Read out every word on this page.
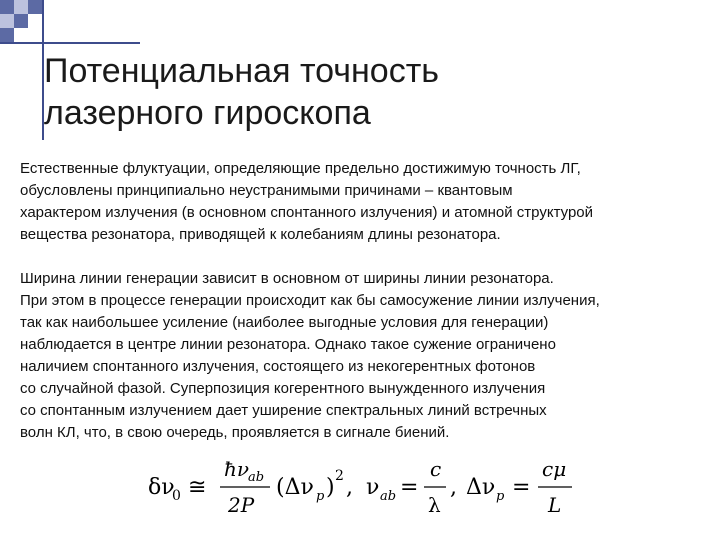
Потенциальная точность
лазерного гироскопа
Естественные флуктуации, определяющие предельно достижимую точность ЛГ,
обусловлены принципиально неустранимыми причинами – квантовым
характером излучения (в основном спонтанного излучения) и атомной структурой
вещества резонатора, приводящей к колебаниям длины резонатора.
Ширина линии генерации зависит в основном от ширины линии резонатора.
При этом в процессе генерации происходит как бы самосужение линии излучения,
так как наибольшее усиление (наиболее выгодные условия для генерации)
наблюдается в центре линии резонатора. Однако такое сужение ограничено
наличием спонтанного излучения, состоящего из некогерентных фотонов
со случайной фазой. Суперпозиция когерентного вынужденного излучения
со спонтанным излучением дает уширение спектральных линий встречных
волн КЛ, что, в свою очередь, проявляется в сигнале биений.
δν
0 ≅
ħν
ab
2P
(Δν p ) 2 , ν ab =
c
λ
, Δν p =
cμ
L
